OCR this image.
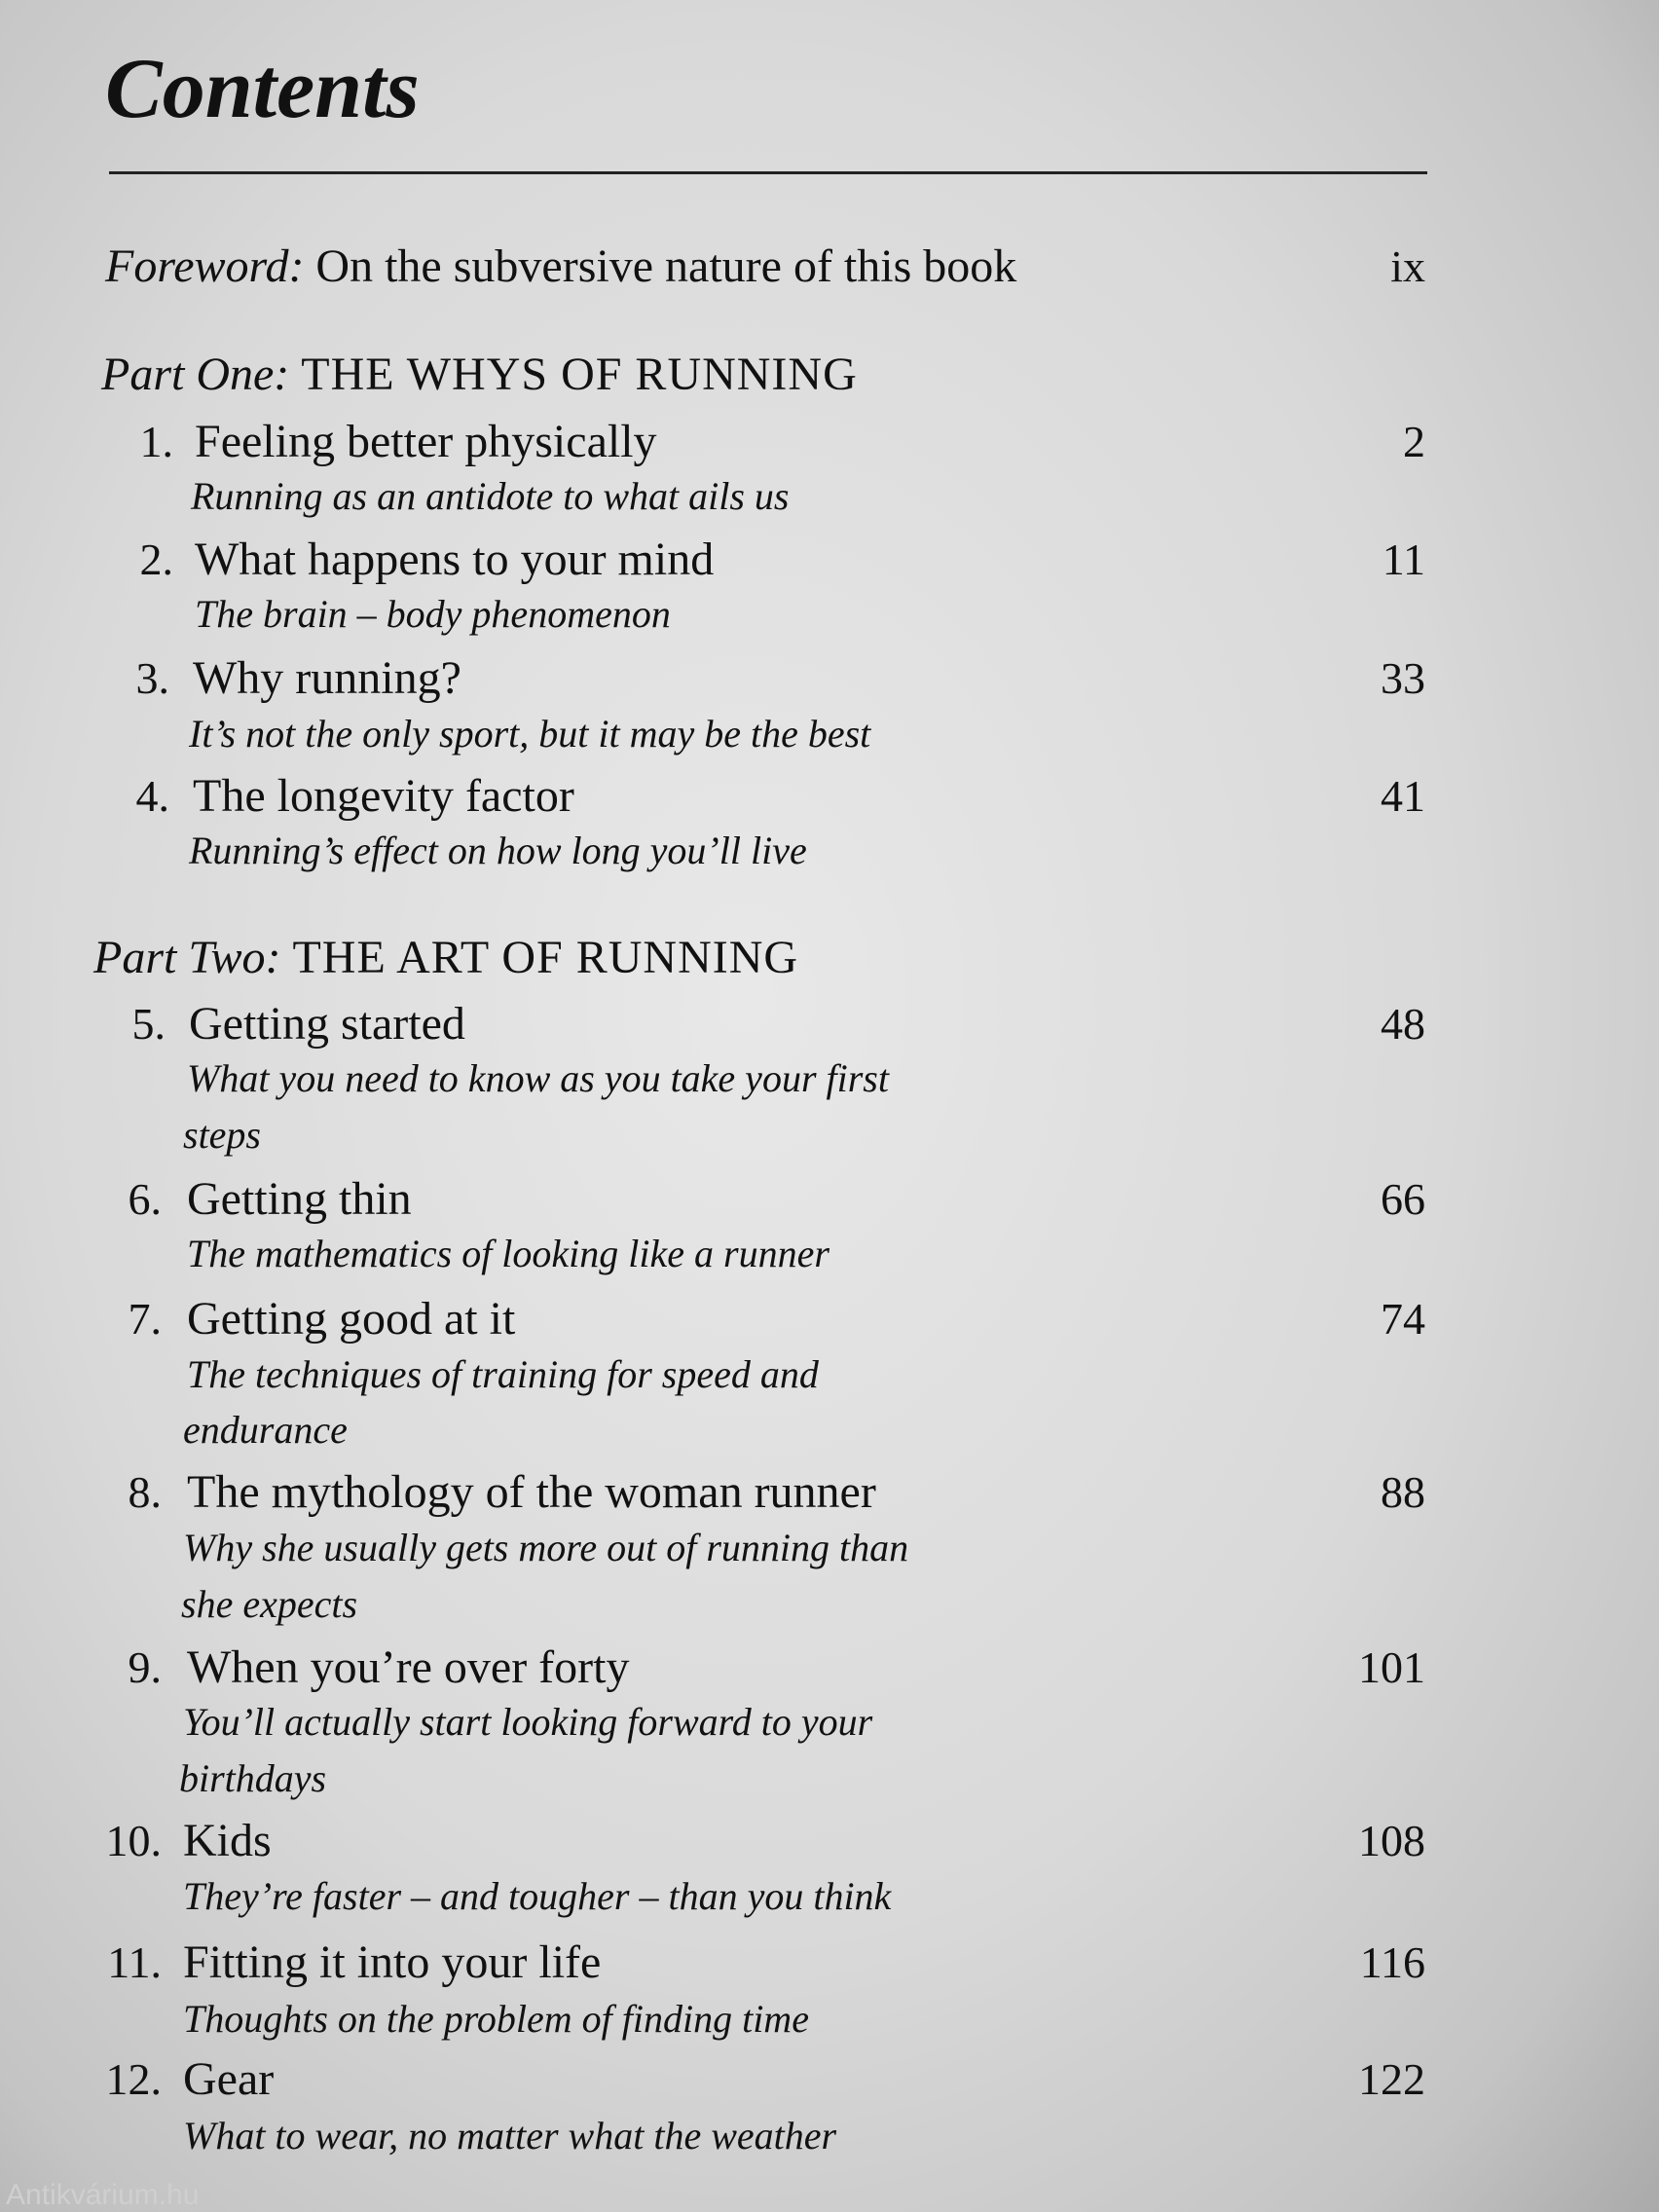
Contents
Foreword: On the subversive nature of this book	ix
Part One: THE WHYS OF RUNNING
1. Feeling better physically	2
Running as an antidote to what ails us
2. What happens to your mind	11
The brain – body phenomenon
3. Why running?	33
It’s not the only sport, but it may be the best
4. The longevity factor	41
Running’s effect on how long you’ll live
Part Two: THE ART OF RUNNING
5. Getting started	48
What you need to know as you take your first
steps
6. Getting thin	66
The mathematics of looking like a runner
7. Getting good at it	74
The techniques of training for speed and
endurance
8. The mythology of the woman runner	88
Why she usually gets more out of running than
she expects
9. When you’re over forty	101
You’ll actually start looking forward to your
birthdays
10. Kids	108
They’re faster – and tougher – than you think
11. Fitting it into your life	116
Thoughts on the problem of finding time
12. Gear	122
What to wear, no matter what the weather
Antikvárium.hu
